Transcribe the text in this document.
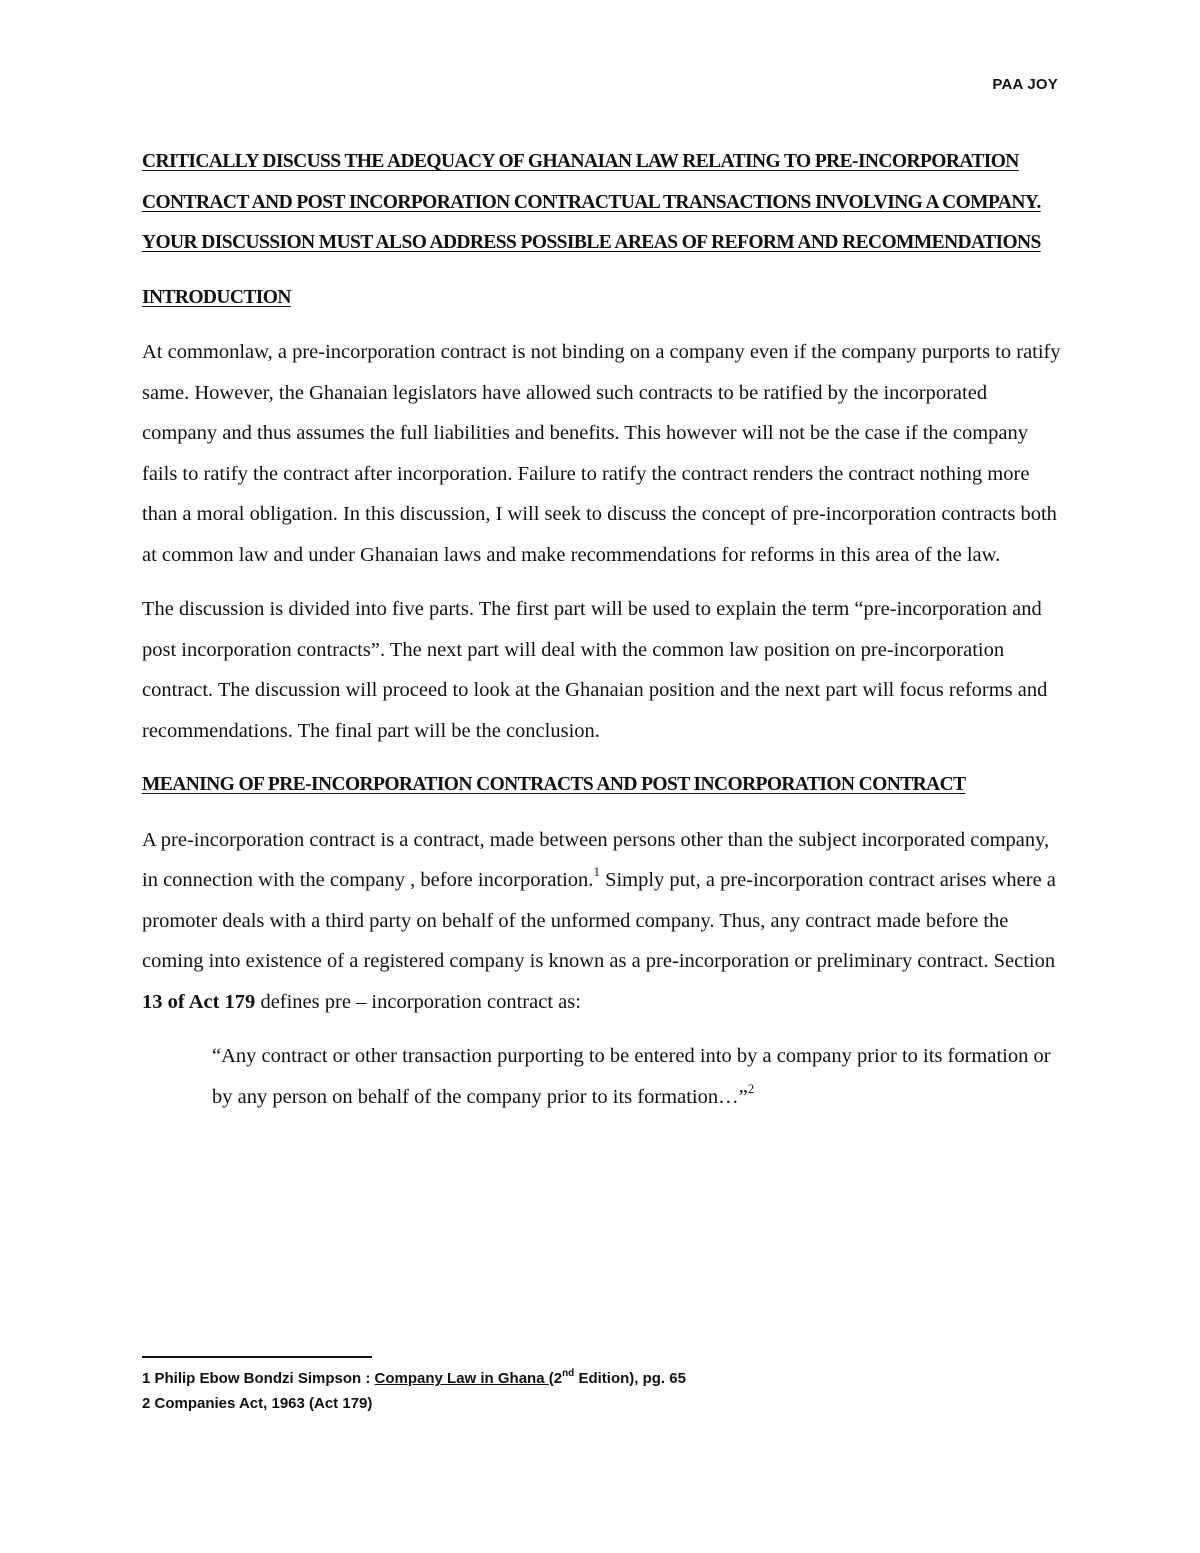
PAA JOY

CRITICALLY DISCUSS THE ADEQUACY OF GHANAIAN LAW RELATING TO PRE-INCORPORATION CONTRACT AND POST INCORPORATION CONTRACTUAL TRANSACTIONS INVOLVING A COMPANY. YOUR DISCUSSION MUST ALSO ADDRESS POSSIBLE AREAS OF REFORM AND RECOMMENDATIONS

INTRODUCTION

At commonlaw, a pre-incorporation contract is not binding on a company even if the company purports to ratify same. However, the Ghanaian legislators have allowed such contracts to be ratified by the incorporated company and thus assumes the full liabilities and benefits. This however will not be the case if the company fails to ratify the contract after incorporation. Failure to ratify the contract renders the contract nothing more than a moral obligation. In this discussion, I will seek to discuss the concept of pre-incorporation contracts both at common law and under Ghanaian laws and make recommendations for reforms in this area of the law.

The discussion is divided into five parts. The first part will be used to explain the term “pre-incorporation and post incorporation contracts”. The next part will deal with the common law position on pre-incorporation contract. The discussion will proceed to look at the Ghanaian position and the next part will focus reforms and recommendations. The final part will be the conclusion.

MEANING OF PRE-INCORPORATION CONTRACTS AND POST INCORPORATION CONTRACT

A pre-incorporation contract is a contract, made between persons other than the subject incorporated company, in connection with the company , before incorporation.$^1$ Simply put, a pre-incorporation contract arises where a promoter deals with a third party on behalf of the unformed company. Thus, any contract made before the coming into existence of a registered company is known as a pre-incorporation or preliminary contract. Section 13 of Act 179 defines pre – incorporation contract as:

“Any contract or other transaction purporting to be entered into by a company prior to its formation or by any person on behalf of the company prior to its formation…”$^2$

1 Philip Ebow Bondzi Simpson : Company Law in Ghana (2nd Edition), pg. 65
2 Companies Act, 1963 (Act 179)
